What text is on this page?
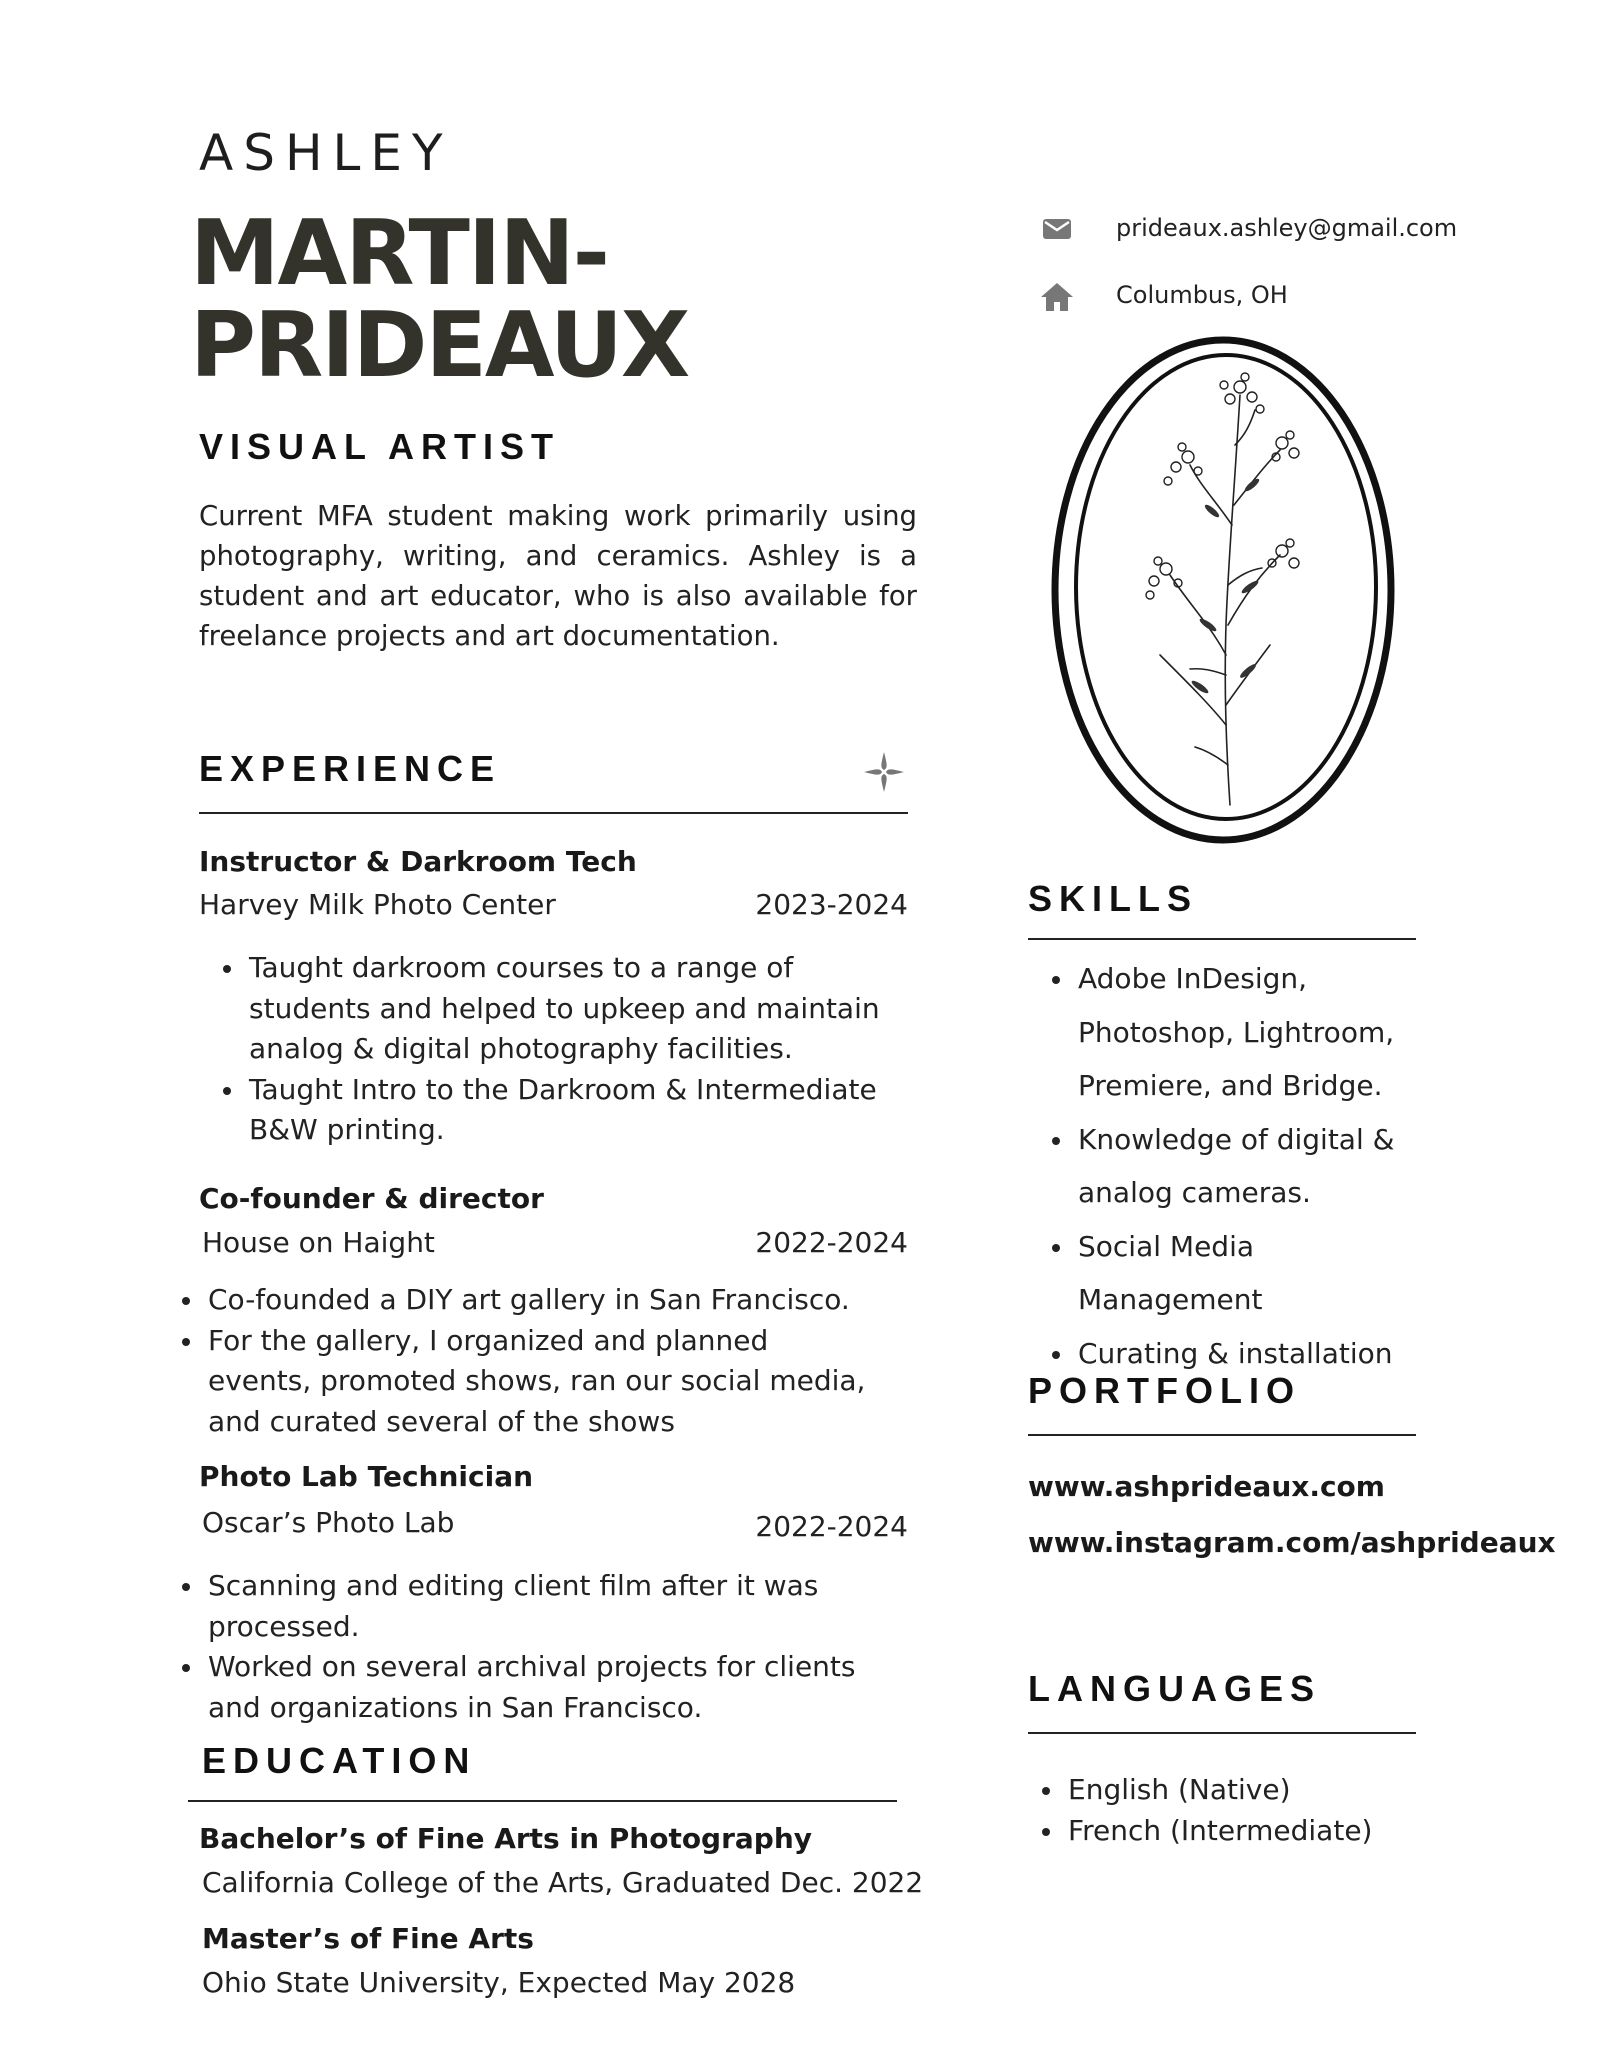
ASHLEY
MARTIN-
PRIDEAUX
VISUAL ARTIST
Current MFA student making work primarily using photography, writing, and ceramics. Ashley is a student and art educator, who is also available for freelance projects and art documentation.
prideaux.ashley@gmail.com
Columbus, OH
EXPERIENCE
Instructor & Darkroom Tech
Harvey Milk Photo Center	2023-2024
Taught darkroom courses to a range of students and helped to upkeep and maintain analog & digital photography facilities.
Taught Intro to the Darkroom & Intermediate B&W printing.
Co-founder & director
House on Haight	2022-2024
Co-founded a DIY art gallery in San Francisco.
For the gallery, I organized and planned events, promoted shows, ran our social media, and curated several of the shows
Photo Lab Technician
Oscar’s Photo Lab	2022-2024
Scanning and editing client film after it was processed.
Worked on several archival projects for clients and organizations in San Francisco.
EDUCATION
Bachelor’s of Fine Arts in Photography
California College of the Arts, Graduated Dec. 2022
Master’s of Fine Arts
Ohio State University, Expected May 2028
SKILLS
Adobe InDesign, Photoshop, Lightroom, Premiere, and Bridge.
Knowledge of digital & analog cameras.
Social Media Management
Curating & installation
PORTFOLIO
www.ashprideaux.com
www.instagram.com/ashprideaux
LANGUAGES
English (Native)
French (Intermediate)
